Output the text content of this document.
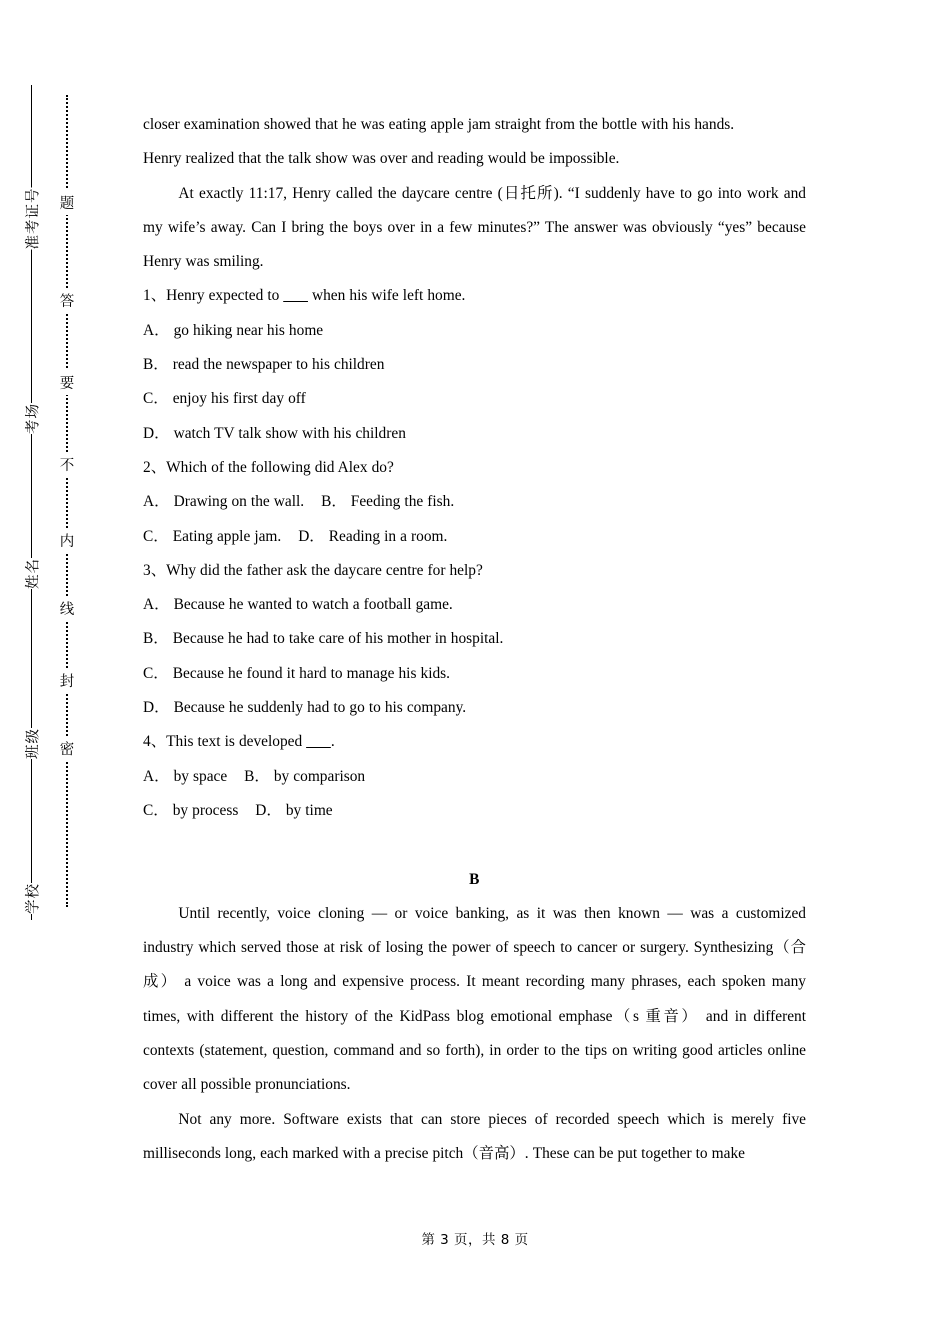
准考证号
考场
姓名
班级
学校
题
答
要
不
内
线
封
密

closer examination showed that he was eating apple jam straight from the bottle with his hands.

Henry realized that the talk show was over and reading would be impossible.

At exactly 11:17, Henry called the daycare centre (日托所). “I suddenly have to go into work and my wife’s away. Can I bring the boys over in a few minutes?” The answer was obviously “yes” because Henry was smiling.

1、Henry expected to ___ when his wife left home.
A． go hiking near his home
B． read the newspaper to his children
C． enjoy his first day off
D． watch TV talk show with his children
2、Which of the following did Alex do?
A． Drawing on the wall. B． Feeding the fish.
C． Eating apple jam. D． Reading in a room.
3、Why did the father ask the daycare centre for help?
A． Because he wanted to watch a football game.
B． Because he had to take care of his mother in hospital.
C． Because he found it hard to manage his kids.
D． Because he suddenly had to go to his company.
4、This text is developed ___.
A． by space B． by comparison
C． by process D． by time
B

Until recently, voice cloning — or voice banking, as it was then known — was a customized industry which served those at risk of losing the power of speech to cancer or surgery. Synthesizing（合成） a voice was a long and expensive process. It meant recording many phrases, each spoken many times, with different the history of the KidPass blog emotional emphase（s 重音） and in different contexts (statement, question, command and so forth), in order to the tips on writing good articles online cover all possible pronunciations.

Not any more. Software exists that can store pieces of recorded speech which is merely five milliseconds long, each marked with a precise pitch（音高）. These can be put together to make

第 3 页，共 8 页
